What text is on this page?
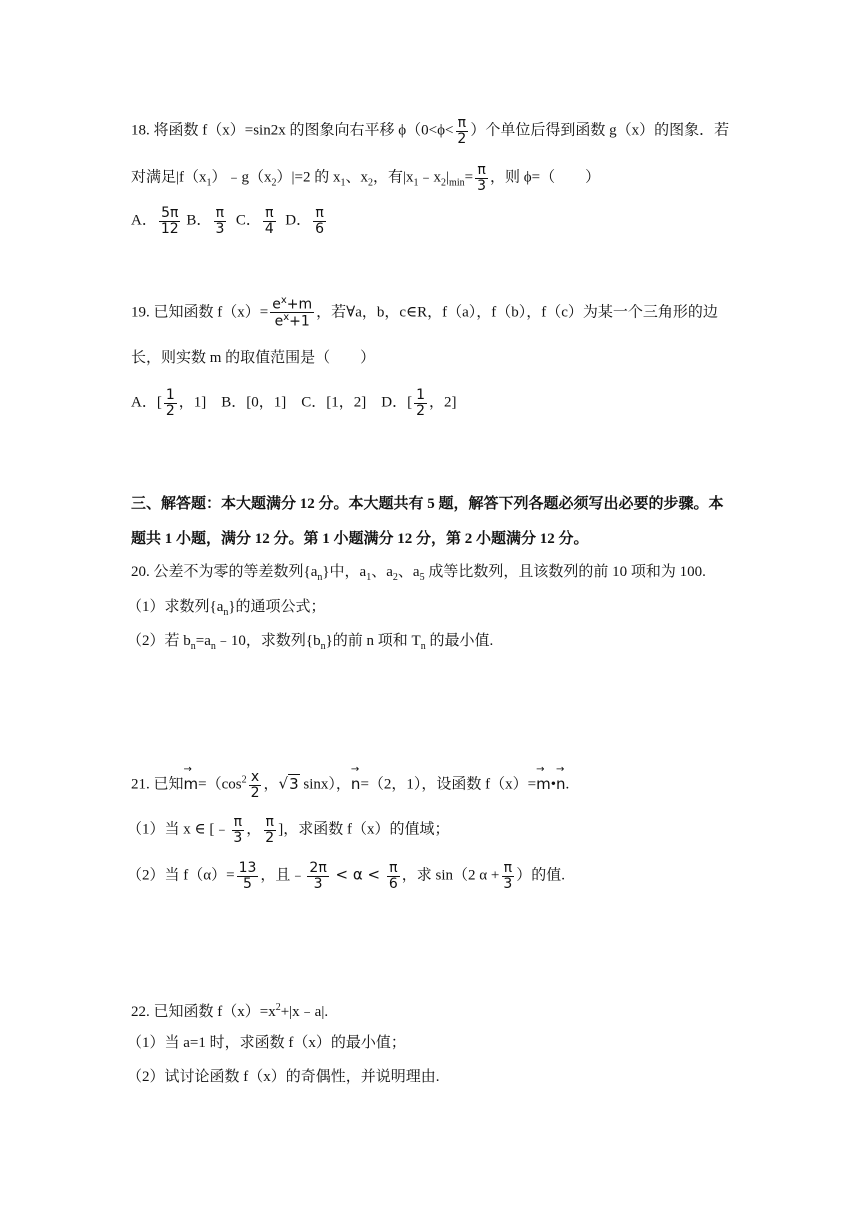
18. 将函数 f（x）=sin2x 的图象向右平移 $\phi(0<\phi< \frac{\pi}{2}$ ）个单位后得到函数 g（x）的图象．若
对满足$|f(x_1)﹣g(x_2)|=2$ 的 $x_1$、$x_2$，有$|x_1﹣x_2|_{min}= \frac{\pi}{3}$ ，则 ϕ=（　　）
A． $\frac{5\pi}{12}$ B． $\frac{\pi}{3}$ C． $\frac{\pi}{4}$ D． $\frac{\pi}{6}$
19. 已知函数 $f(x)= \frac{e^x+m}{e^x+1}$ ，若∀a，b，c∈R，f（a），f（b），f（c）为某一个三角形的边
长，则实数 m 的取值范围是（　　）
A．[ $\frac{1}{2}$ ，1] B．[0，1] C．[1，2] D．[ $\frac{1}{2}$ ，2]
三、解答题：本大题满分 12 分。本大题共有 5 题，解答下列各题必须写出必要的步骤。本
题共 1 小题，满分 12 分。第 1 小题满分 12 分，第 2 小题满分 12 分。
20. 公差不为零的等差数列$\{a_n\}$中，$a_1$、$a_2$、$a_5$ 成等比数列，且该数列的前 10 项和为 100.
（1）求数列$\{a_n\}$的通项公式；
（2）若 $b_n=a_n﹣10$，求数列$\{b_n\}$的前 n 项和 $T_n$ 的最小值.
21. 已知
→
$m=(\cos^2 \frac{x}{2}$ ，√3 sinx），
→
n=（2，1），设函数 f（x）=
→
m•
→
n.
（1）当 x ∈ [﹣ $\frac{\pi}{3}$ ， $\frac{\pi}{2}$ ]，求函数 f（x）的值域；
（2）当 $f(\alpha)= \frac{13}{5}$ ，且﹣ $\frac{2\pi}{3} < \alpha < \frac{\pi}{6}$ ，求 sin（2 $\alpha + \frac{\pi}{3}$ ）的值.
22. 已知函数 $f(x)=x^2+|x﹣a|$.
（1）当 a=1 时，求函数 f（x）的最小值；
（2）试讨论函数 f（x）的奇偶性，并说明理由.
